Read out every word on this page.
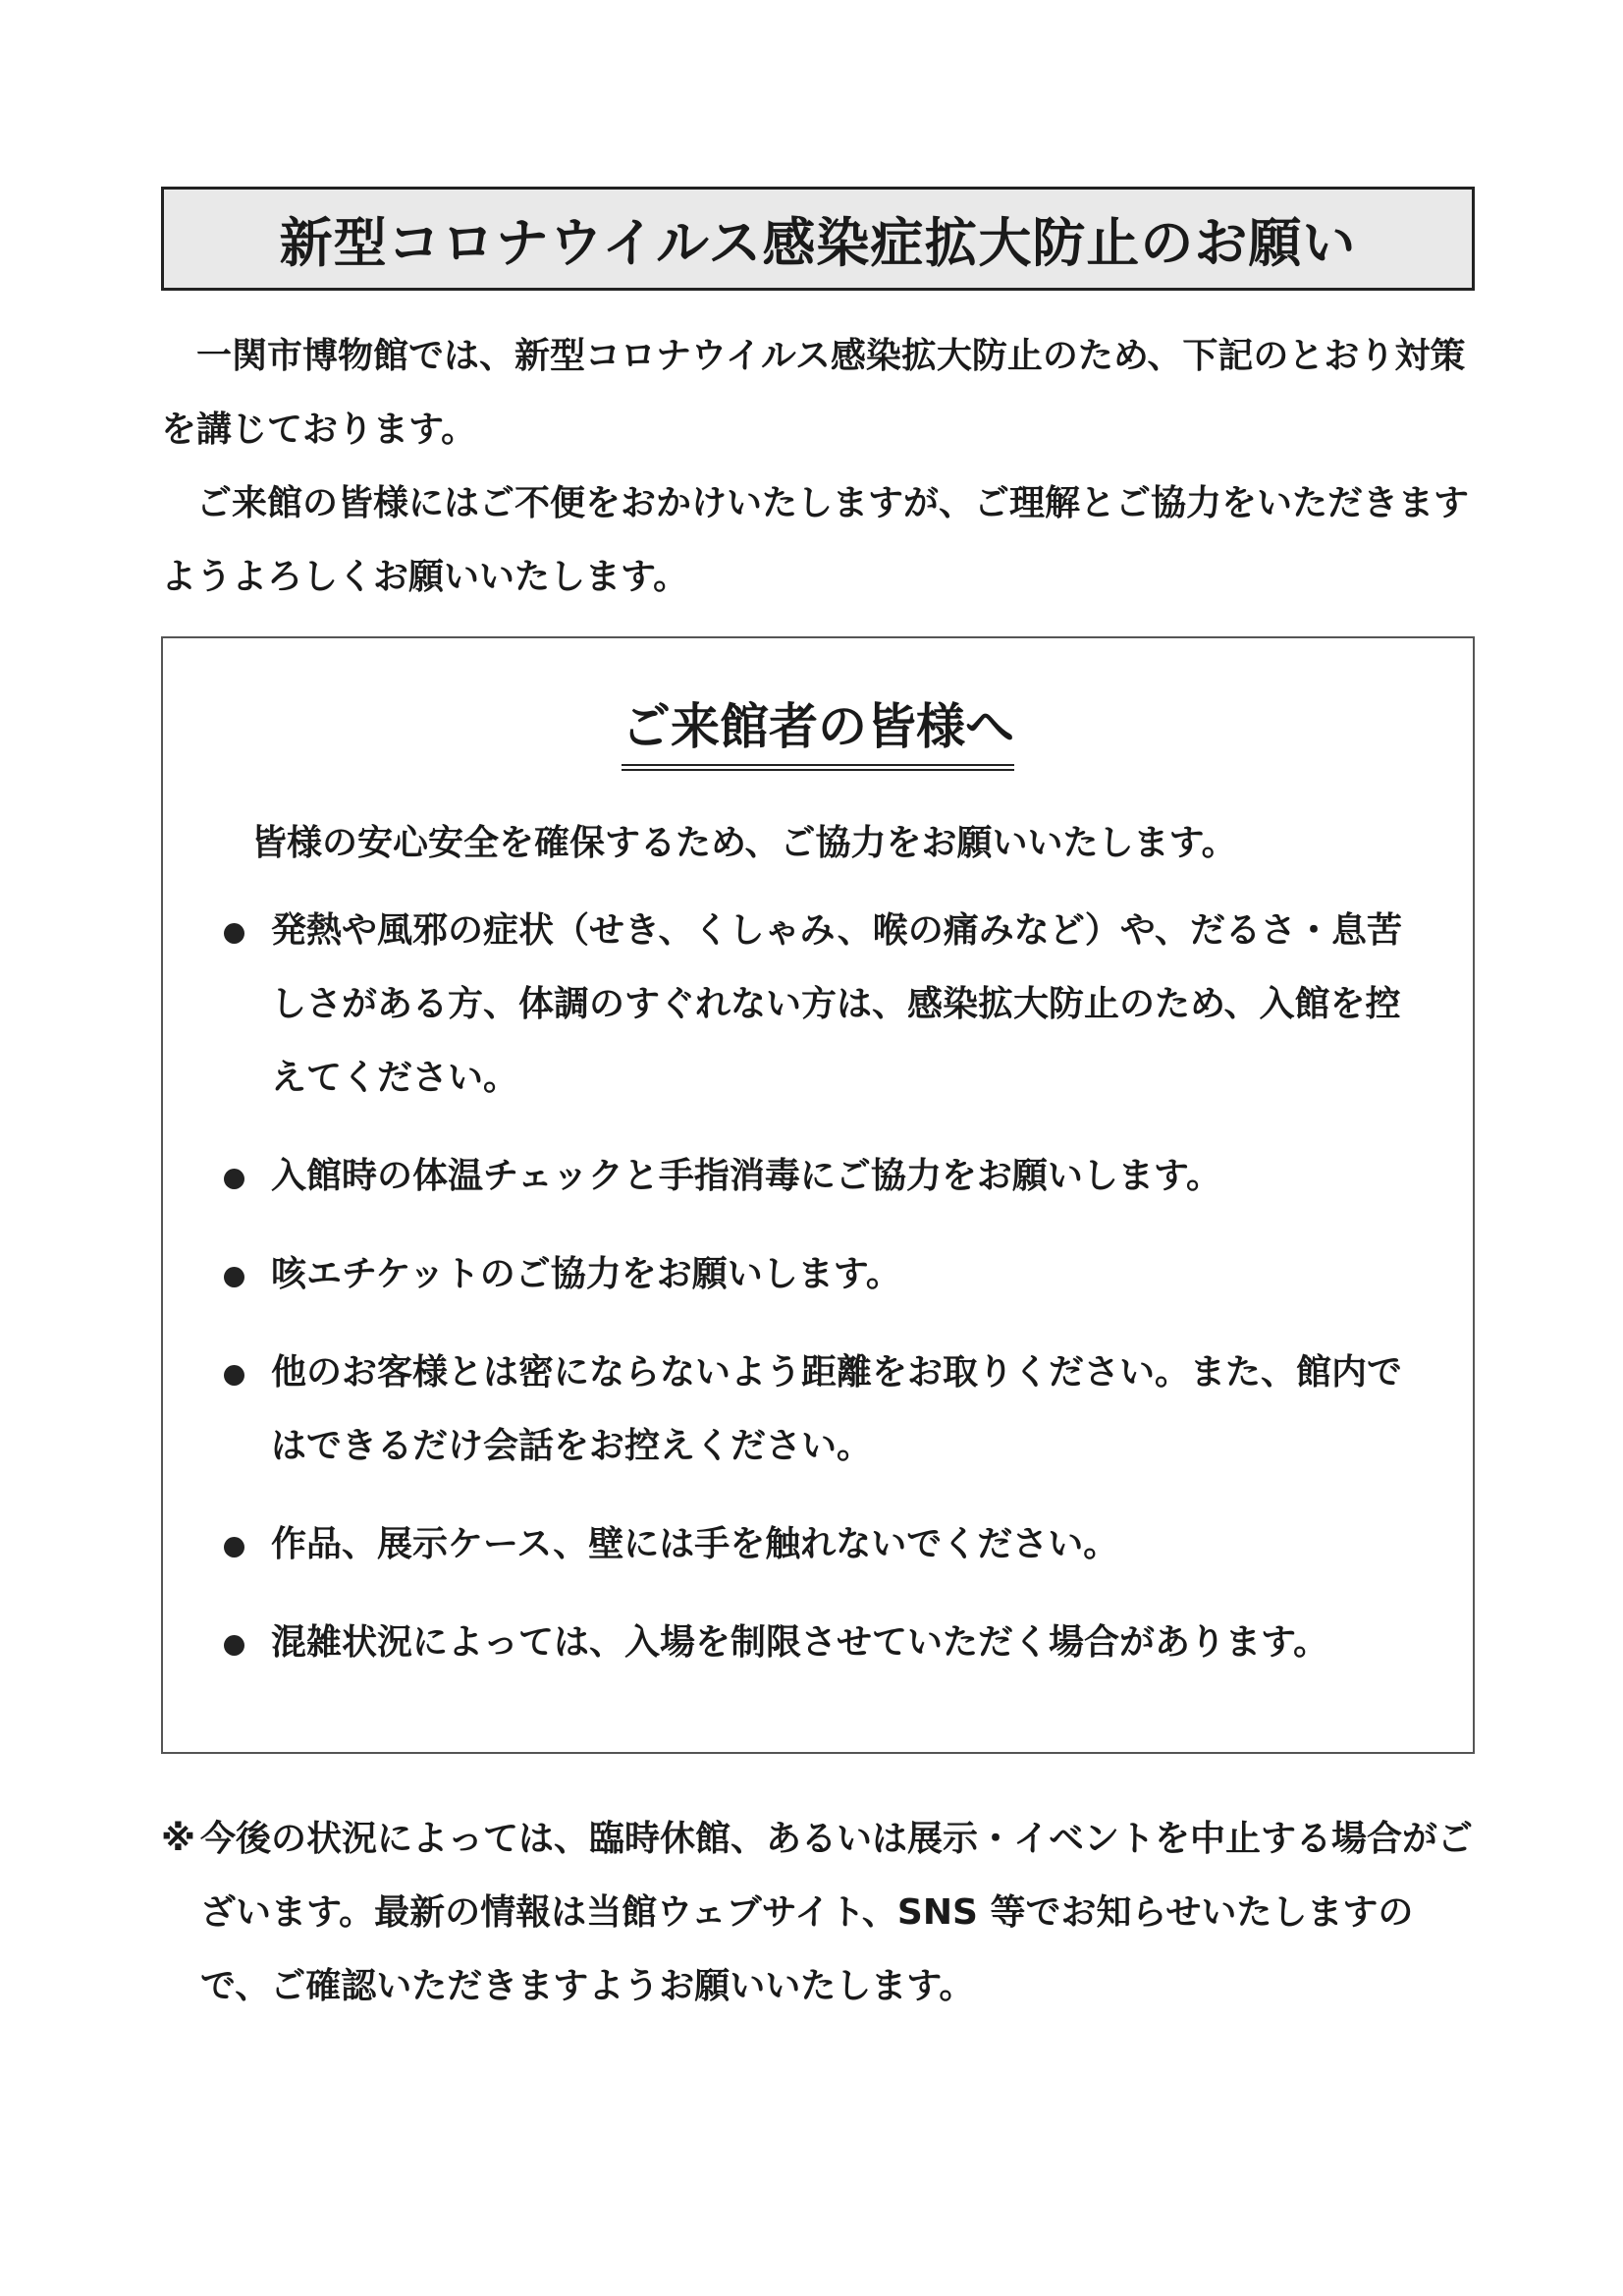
新型コロナウイルス感染症拡大防止のお願い

一関市博物館では、新型コロナウイルス感染拡大防止のため、下記のとおり対策を講じております。

ご来館の皆様にはご不便をおかけいたしますが、ご理解とご協力をいただきますようよろしくお願いいたします。

ご来館者の皆様へ
皆様の安心安全を確保するため、ご協力をお願いいたします。
発熱や風邪の症状（せき、くしゃみ、喉の痛みなど）や、だるさ・息苦しさがある方、体調のすぐれない方は、感染拡大防止のため、入館を控えてください。
入館時の体温チェックと手指消毒にご協力をお願いします。
咳エチケットのご協力をお願いします。
他のお客様とは密にならないよう距離をお取りください。また、館内ではできるだけ会話をお控えください。
作品、展示ケース、壁には手を触れないでください。
混雑状況によっては、入場を制限させていただく場合があります。
※ 今後の状況によっては、臨時休館、あるいは展示・イベントを中止する場合がございます。最新の情報は当館ウェブサイト、SNS 等でお知らせいたしますので、ご確認いただきますようお願いいたします。
